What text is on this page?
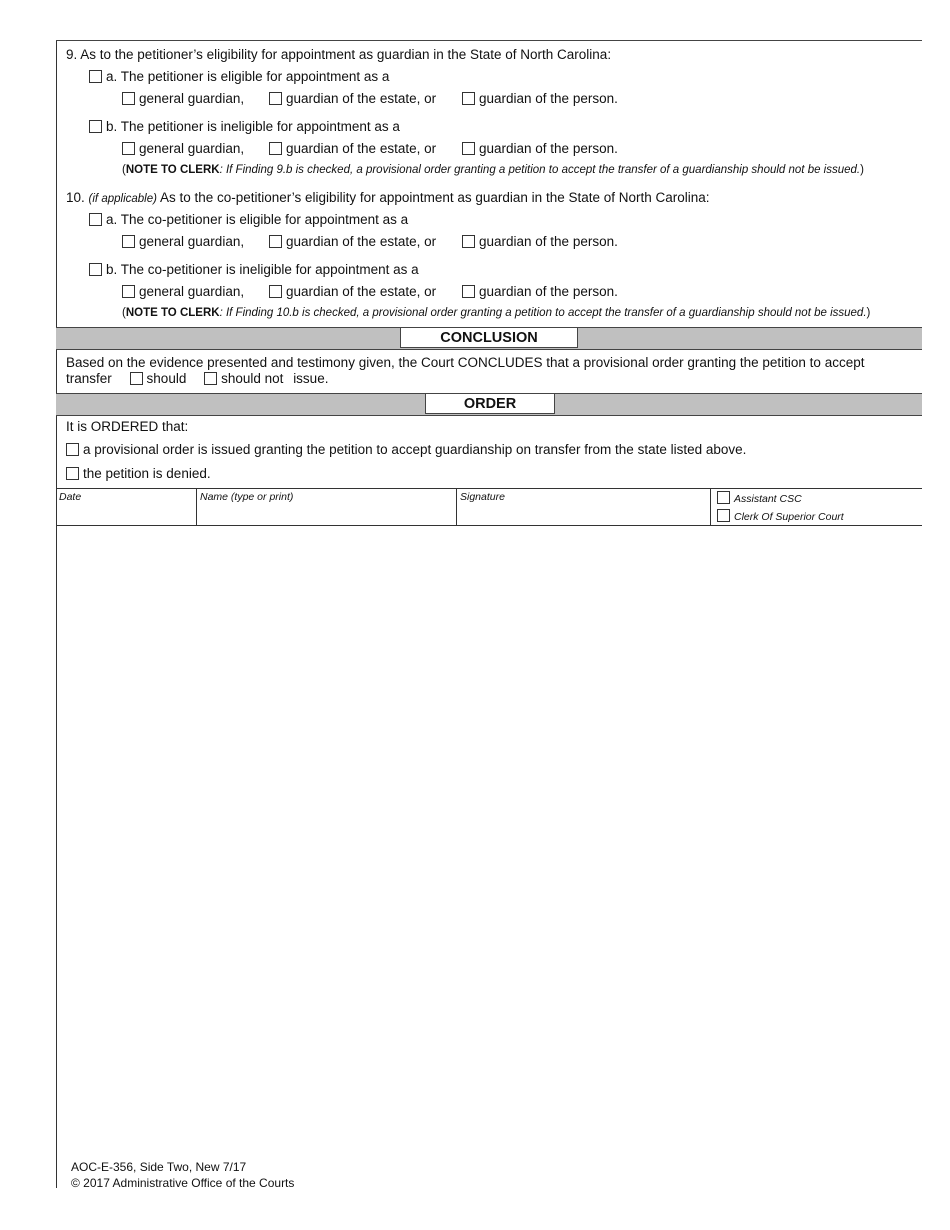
9. As to the petitioner’s eligibility for appointment as guardian in the State of North Carolina:
a. The petitioner is eligible for appointment as a
general guardian,	guardian of the estate, or	guardian of the person.
b. The petitioner is ineligible for appointment as a
general guardian,	guardian of the estate, or	guardian of the person.
(NOTE TO CLERK: If Finding 9.b is checked, a provisional order granting a petition to accept the transfer of a guardianship should not be issued.)
10. (if applicable) As to the co-petitioner’s eligibility for appointment as guardian in the State of North Carolina:
a. The co-petitioner is eligible for appointment as a
general guardian,	guardian of the estate, or	guardian of the person.
b. The co-petitioner is ineligible for appointment as a
general guardian,	guardian of the estate, or	guardian of the person.
(NOTE TO CLERK: If Finding 10.b is checked, a provisional order granting a petition to accept the transfer of a guardianship should not be issued.)
CONCLUSION
Based on the evidence presented and testimony given, the Court CONCLUDES that a provisional order granting the petition to accept
transfer	should	should not issue.
ORDER
It is ORDERED that:
a provisional order is issued granting the petition to accept guardianship on transfer from the state listed above.
the petition is denied.
Date	Name (type or print)	Signature	Assistant CSC
Clerk Of Superior Court
AOC-E-356, Side Two, New 7/17
© 2017 Administrative Office of the Courts
